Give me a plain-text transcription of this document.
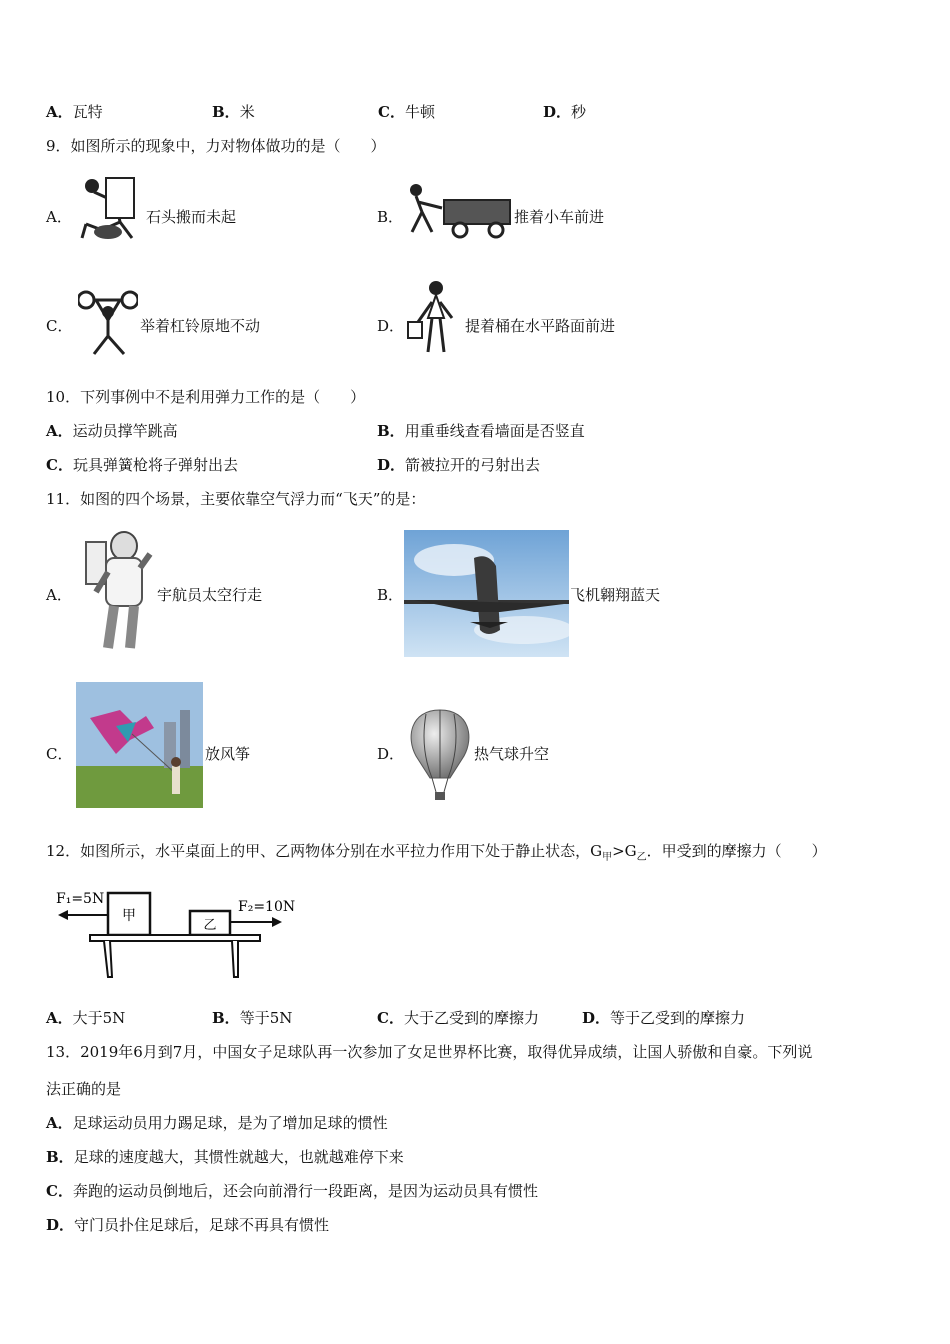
A．瓦特	B．米	C．牛顿	D．秒
9．如图所示的现象中，力对物体做功的是（　　）
A．	石头搬而未起	B．	推着小车前进
C．	举着杠铃原地不动	D．	提着桶在水平路面前进
10．下列事例中不是利用弹力工作的是（　　）
A．运动员撑竿跳高	B．用重垂线查看墙面是否竖直
C．玩具弹簧枪将子弹射出去	D．箭被拉开的弓射出去
11．如图的四个场景，主要依靠空气浮力而“飞天”的是：
A．	宇航员太空行走	B．	飞机翱翔蓝天
C．	放风筝	D．	热气球升空
12．如图所示，水平桌面上的甲、乙两物体分别在水平拉力作用下处于静止状态，$G_甲>G_乙$．甲受到的摩擦力（　　）
F₁=5N
甲
F₂=10N
乙
A．大于5N	B．等于5N	C．大于乙受到的摩擦力	D．等于乙受到的摩擦力
13．2019年6月到7月，中国女子足球队再一次参加了女足世界杯比赛，取得优异成绩，让国人骄傲和自豪。下列说
法正确的是
A．足球运动员用力踢足球，是为了增加足球的惯性
B．足球的速度越大，其惯性就越大，也就越难停下来
C．奔跑的运动员倒地后，还会向前滑行一段距离，是因为运动员具有惯性
D．守门员扑住足球后，足球不再具有惯性
